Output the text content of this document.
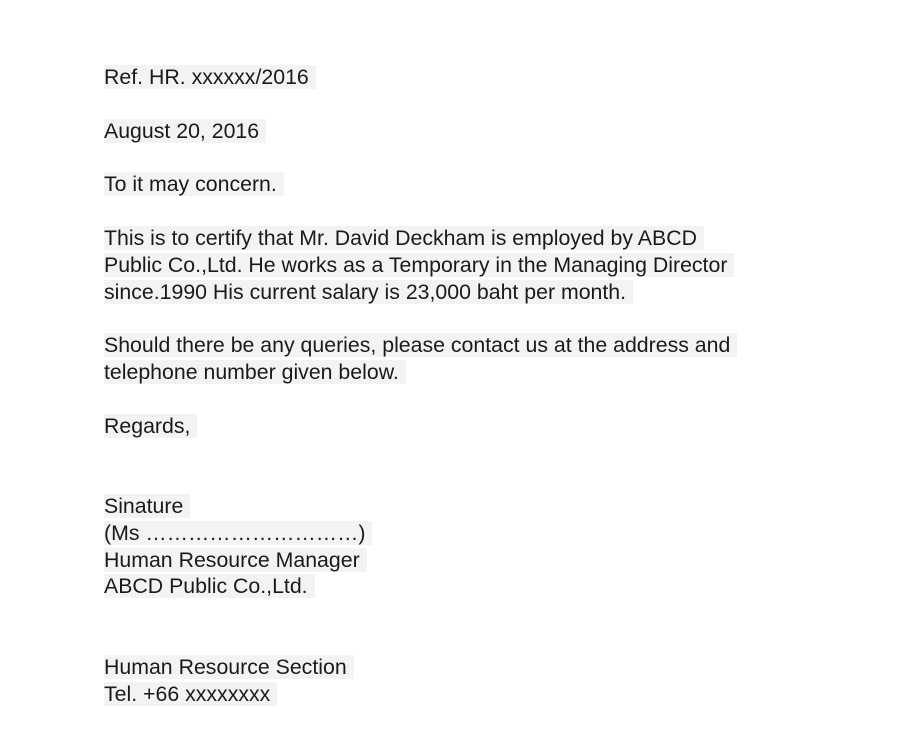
Ref. HR. xxxxxx/2016

August 20, 2016

To it may concern.

This is to certify that Mr. David Deckham is employed by ABCD
Public Co.,Ltd. He works as a Temporary in the Managing Director
since.1990 His current salary is 23,000 baht per month.

Should there be any queries, please contact us at the address and
telephone number given below.

Regards,

Sinature
(Ms …………………………)
Human Resource Manager
ABCD Public Co.,Ltd.

Human Resource Section
Tel. +66 xxxxxxxx
